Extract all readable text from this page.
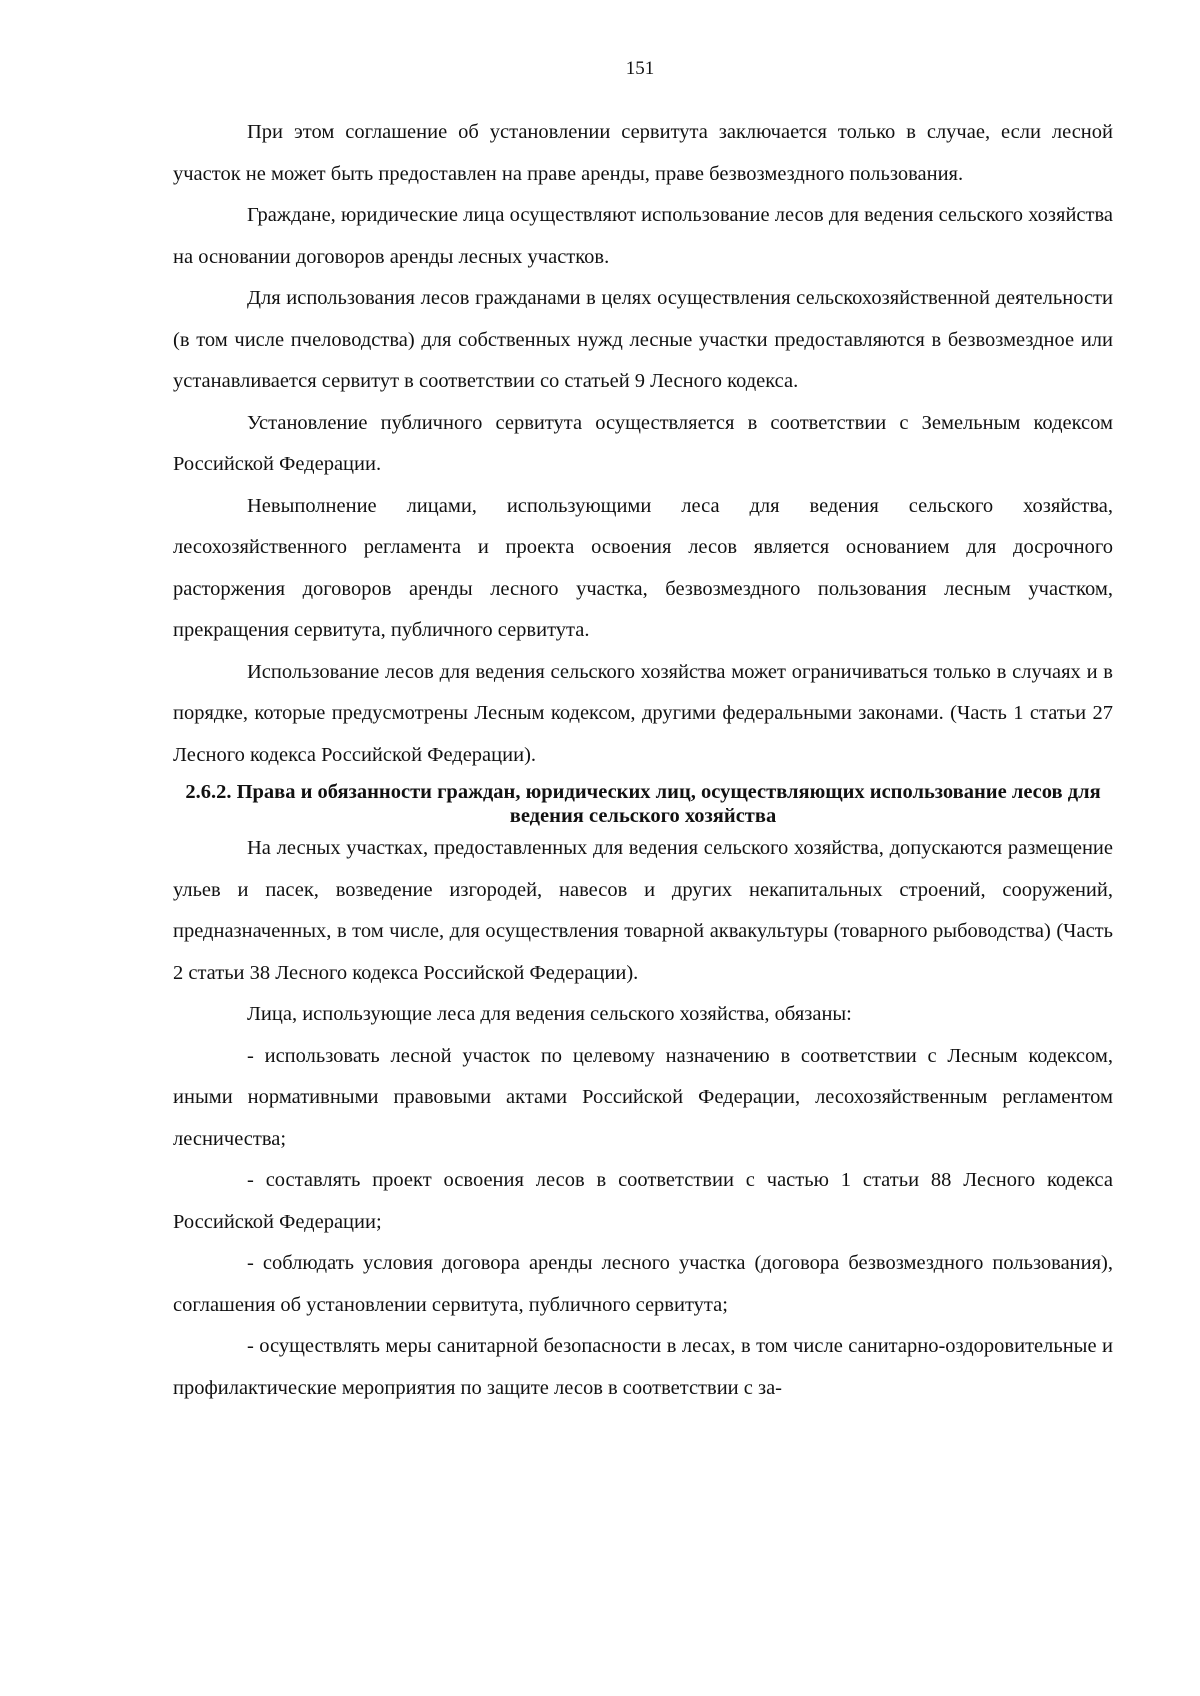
151

При этом соглашение об установлении сервитута заключается только в случае, если лесной участок не может быть предоставлен на праве аренды, праве безвозмездного пользования.

Граждане, юридические лица осуществляют использование лесов для ведения сельского хозяйства на основании договоров аренды лесных участков.

Для использования лесов гражданами в целях осуществления сельскохозяйственной деятельности (в том числе пчеловодства) для собственных нужд лесные участки предоставляются в безвозмездное или устанавливается сервитут в соответствии со статьей 9 Лесного кодекса.

Установление публичного сервитута осуществляется в соответствии с Земельным кодексом Российской Федерации.

Невыполнение лицами, использующими леса для ведения сельского хозяйства, лесохозяйственного регламента и проекта освоения лесов является основанием для досрочного расторжения договоров аренды лесного участка, безвозмездного пользования лесным участком, прекращения сервитута, публичного сервитута.

Использование лесов для ведения сельского хозяйства может ограничиваться только в случаях и в порядке, которые предусмотрены Лесным кодексом, другими федеральными законами. (Часть 1 статьи 27 Лесного кодекса Российской Федерации).

2.6.2. Права и обязанности граждан, юридических лиц, осуществляющих использование лесов для ведения сельского хозяйства

На лесных участках, предоставленных для ведения сельского хозяйства, допускаются размещение ульев и пасек, возведение изгородей, навесов и других некапитальных строений, сооружений, предназначенных, в том числе, для осуществления товарной аквакультуры (товарного рыбоводства) (Часть 2 статьи 38 Лесного кодекса Российской Федерации).

Лица, использующие леса для ведения сельского хозяйства, обязаны:

- использовать лесной участок по целевому назначению в соответствии с Лесным кодексом, иными нормативными правовыми актами Российской Федерации, лесохозяйственным регламентом лесничества;

- составлять проект освоения лесов в соответствии с частью 1 статьи 88 Лесного кодекса Российской Федерации;

- соблюдать условия договора аренды лесного участка (договора безвозмездного пользования), соглашения об установлении сервитута, публичного сервитута;

- осуществлять меры санитарной безопасности в лесах, в том числе санитарно-оздоровительные и профилактические мероприятия по защите лесов в соответствии с за-
